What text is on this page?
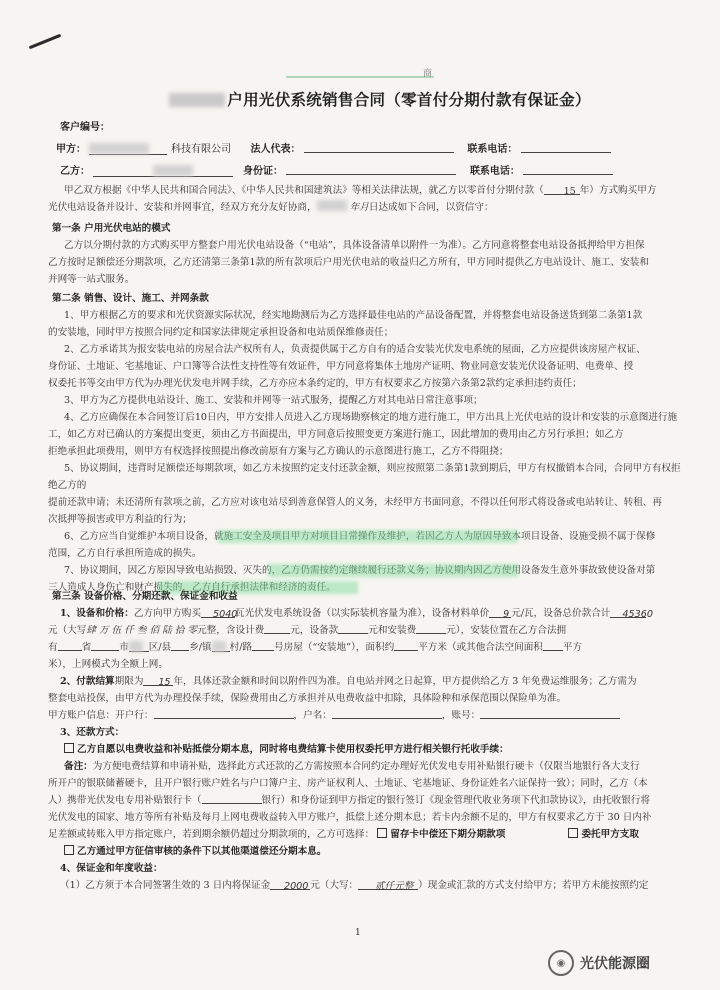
商
户用光伏系统销售合同（零首付分期付款有保证金）
客户编号：
甲方：	科技有限公司 法人代表：	联系电话：
乙方：	身份证：	联系电话：
甲乙双方根据《中华人民共和国合同法》、《中华人民共和国建筑法》等相关法律法规，就乙方以零首付分期付款（ 15 年）方式购买甲方
光伏电站设备并设计、安装和并网事宜，经双方充分友好协商，	年月日达成如下合同，以资信守：
第一条 户用光伏电站的模式
乙方以分期付款的方式购买甲方整套户用光伏电站设备（“电站”，具体设备清单以附件一为准）。乙方同意将整套电站设备抵押给甲方担保
乙方按时足额偿还分期款项，乙方还清第三条第1款的所有款项后户用光伏电站的收益归乙方所有，甲方同时提供乙方电站设计、施工、安装和
并网等一站式服务。
第二条 销售、设计、施工、并网条款
1、甲方根据乙方的要求和光伏资源实际状况，经实地勘测后为乙方选择最佳电站的产品设备配置，并将整套电站设备送货到第二条第1款
的安装地，同时甲方按照合同约定和国家法律规定承担设备和电站质保维修责任；
2、乙方承诺其为报安装电站的房屋合法产权所有人，负责提供属于乙方自有的适合安装光伏发电系统的屋面，乙方应提供该房屋产权证、
身份证、土地证、宅基地证、户口簿等合法性支持性等有效证件，甲方同意将集体土地房产证明、物业同意安装光伏设备证明、电费单、授
权委托书等交由甲方代为办理光伏发电并网手续，乙方亦应本条约定的，甲方有权要求乙方按第六条第2款约定承担违约责任；
3、甲方为乙方提供电站设计、施工、安装和并网等一站式服务，提醒乙方对其电站日常注意事项；
4、乙方应确保在本合同签订后10日内，甲方安排人员进入乙方现场勘察核定的地方进行施工，甲方出具上光伏电站的设计和安装的示意图进行施
工，如乙方对已确认的方案提出变更，须由乙方书面提出，甲方同意后按照变更方案进行施工，因此增加的费用由乙方另行承担；如乙方
拒绝承担此项费用，则甲方有权选择按照提出修改前原有方案与乙方确认的示意图进行施工，乙方不得阻挠；
5、协议期间，违背时足额偿还每期款项，如乙方未按照约定支付还款金额，则应按照第二条第1款到期后，甲方有权撤销本合同，合同甲方有权拒绝乙方的
提前还款申请；未还清所有款项之前，乙方应对该电站尽到善意保管人的义务，未经甲方书面同意，不得以任何形式将设备或电站转让、转租、再
次抵押等损害或甲方利益的行为；
6、乙方应当自觉维护本项目设备，就施工安全及项目甲方对项目日常操作及维护，若因乙方人为原因导致本项目设备、设施受损不属于保修
范围，乙方自行承担所造成的损失。
7、协议期间，因乙方原因导致电站损毁、灭失的，乙方仍需按约定继续履行还款义务；协议期内因乙方使用设备发生意外事故致使设备对第
三人造成人身伤亡和财产损失的，乙方自行承担法律和经济的责任。
第三条 设备价格、分期还款、保证金和收益
1、设备和价格：乙方向甲方购买 5040瓦光伏发电系统设备（以实际装机容量为准），设备材料单价 9 元/瓦，设备总价款合计 45360
元（大写肆 万 伍 仟 叁 佰 陆 拾 零元整，含设计费	元，设备款	元和安装费	元），安装位置在乙方合法拥
有	省	市 区/县 乡/镇 村/路 号房屋（“安装地”），面积约	平方米（或其他合法空间面积 平方
米），上网模式为全额上网。
2、付款结算期限为 15 年，具体还款金额和时间以附件四为准。自电站并网之日起算，甲方提供给乙方 3 年免费运维服务；乙方需为
整套电站投保，由甲方代为办理投保手续，保险费用由乙方承担并从电费收益中扣除，具体险种和承保范围以保险单为准。
甲方账户信息：开户行：	，户名：	，账号：
3、还款方式：
乙方自愿以电费收益和补贴抵偿分期本息，同时将电费结算卡使用权委托甲方进行相关银行托收手续：
备注：为方便电费结算和申请补贴，选择此方式还款的乙方需按照本合同约定办理好光伏发电专用补贴银行硬卡（仅限当地银行各大支行
所开户的银联储蓄硬卡，且开户银行账户姓名与户口簿户主、房产证权利人、土地证、宅基地证、身份证姓名六证保持一致）；同时，乙方（本
人）携带光伏发电专用补贴银行卡（	银行）和身份证到甲方指定的银行签订《现金管理代收业务项下代扣款协议》，由托收银行将
光伏发电的国家、地方等所有补贴及每月上网电费收益转入甲方账户，抵偿上述分期本息；若卡内余额不足的，甲方有权要求乙方于 30 日内补
足差额或转账入甲方指定账户，若到期余额仍超过分期款项的，乙方可选择： 留存卡中偿还下期分期款项	委托甲方支取
乙方通过甲方征信审核的条件下以其他渠道偿还分期本息。
4、保证金和年度收益：
（1）乙方须于本合同签署生效的 3 日内将保证金 2000 元（大写： 贰仟元整 ）现金或汇款的方式支付给甲方；若甲方未能按照约定
1
◉	光伏能源圈
